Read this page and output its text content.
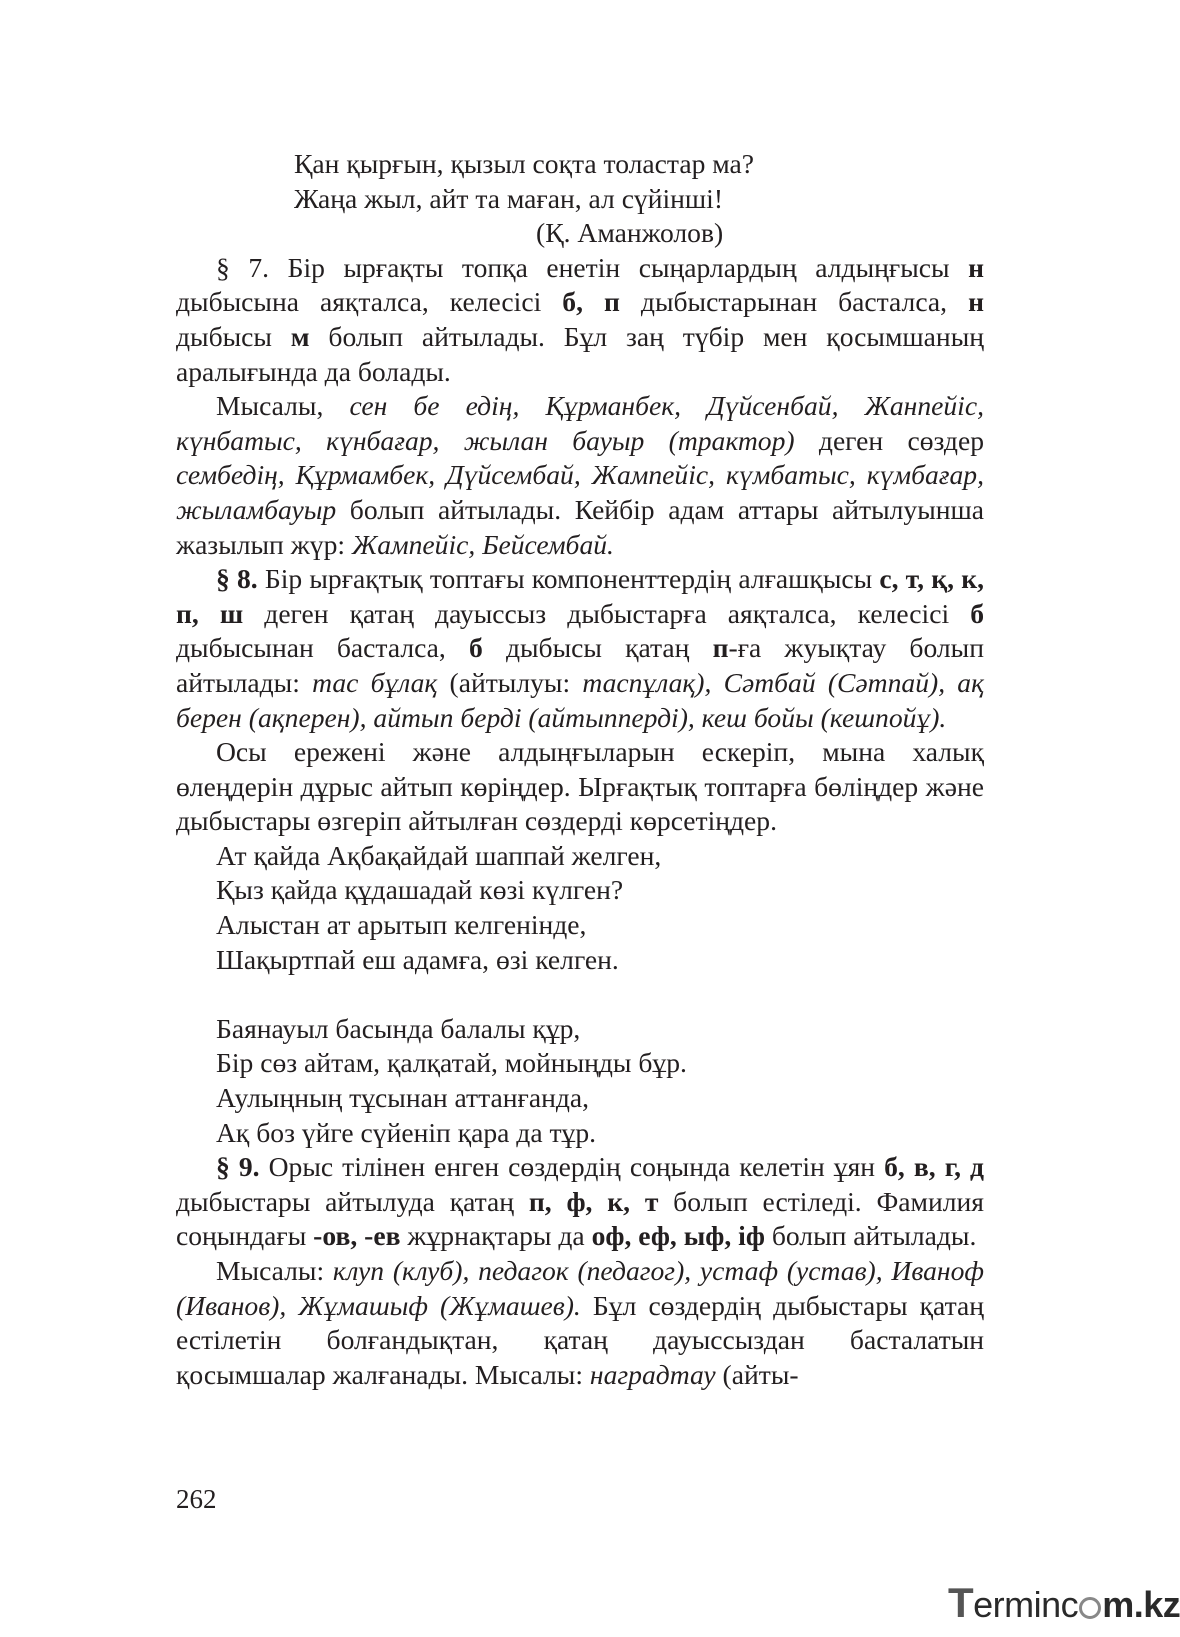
Қан қырғын, қызыл соқта толастар ма?
Жаңа жыл, айт та маған, ал сүйінші!
(Қ. Аманжолов)

§ 7. Бір ырғақты топқа енетін сыңарлардың алдыңғысы н дыбысына аяқталса, келесісі б, п дыбыстарынан басталса, н дыбысы м болып айтылады. Бұл заң түбір мен қосымшаның аралығында да болады.

Мысалы, сен бе едің, Құрманбек, Дүйсенбай, Жанпейіс, күнбатыс, күнбағар, жылан бауыр (трактор) деген сөздер сембедің, Құрмамбек, Дүйсембай, Жампейіс, күмбатыс, күмбағар, жыламбауыр болып айтылады. Кейбір адам аттары айтылуынша жазылып жүр: Жампейіс, Бейсембай.

§ 8. Бір ырғақтық топтағы компоненттердің алғашқысы с, т, қ, к, п, ш деген қатаң дауыссыз дыбыстарға аяқталса, келесісі б дыбысынан басталса, б дыбысы қатаң п-ға жуықтау болып айтылады: тас бұлақ (айтылуы: таспұлақ), Сәтбай (Сәтпай), ақ берен (ақперен), айтып берді (айтыпперді), кеш бойы (кешпойұ).

Осы ережені және алдыңғыларын ескеріп, мына халық өлеңдерін дұрыс айтып көріңдер. Ырғақтық топтарға бөліңдер және дыбыстары өзгеріп айтылған сөздерді көрсетіңдер.

Ат қайда Ақбақайдай шаппай желген,
Қыз қайда құдашадай көзі күлген?
Алыстан ат арытып келгенінде,
Шақыртпай еш адамға, өзі келген.
Баянауыл басында балалы құр,
Бір сөз айтам, қалқатай, мойныңды бұр.
Аулыңның тұсынан аттанғанда,
Ақ боз үйге сүйеніп қара да тұр.

§ 9. Орыс тілінен енген сөздердің соңында келетін ұян б, в, г, д дыбыстары айтылуда қатаң п, ф, к, т болып естіледі. Фамилия соңындағы -ов, -ев жұрнақтары да оф, еф, ыф, іф болып айтылады.

Мысалы: клуп (клуб), педагок (педагог), устаф (устав), Иваноф (Иванов), Жұмашыф (Жұмашев). Бұл сөздердің дыбыстары қатаң естілетін болғандықтан, қатаң дауыссыздан басталатын қосымшалар жалғанады. Мысалы: наградтау (айты-

262
Terminc m.kz
